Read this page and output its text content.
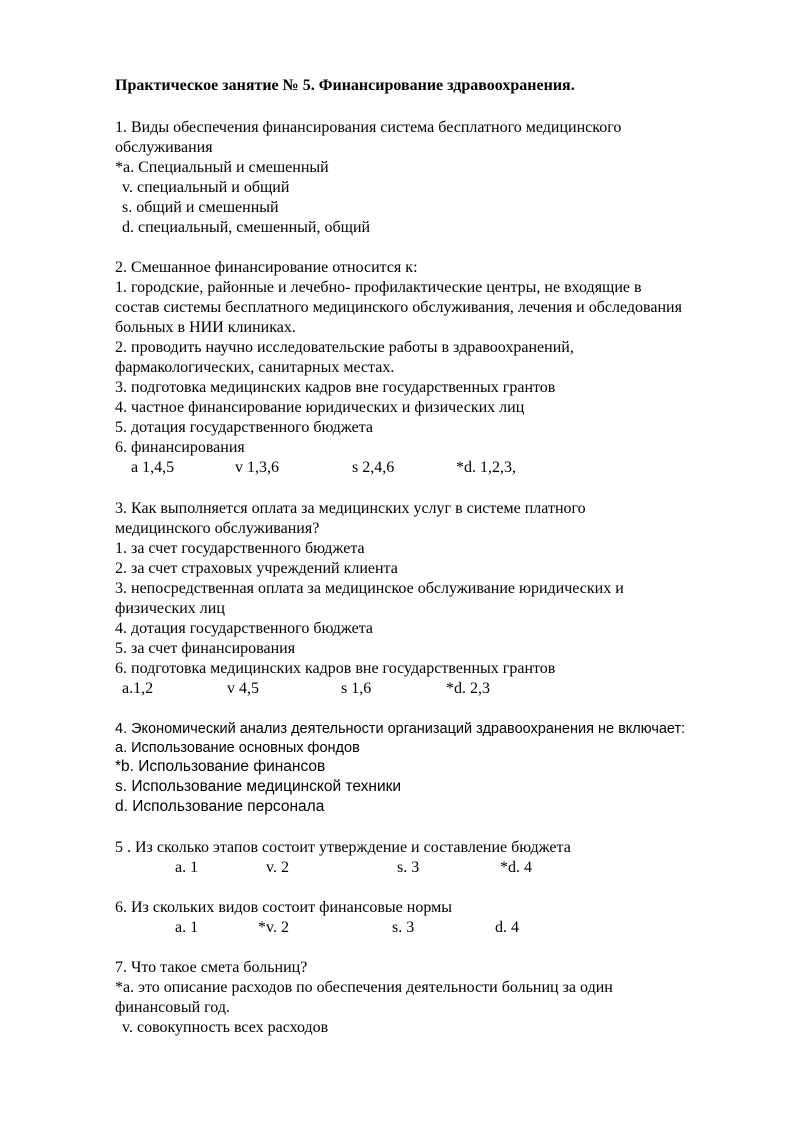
Практическое занятие № 5. Финансирование здравоохранения.
1. Виды обеспечения финансирования система бесплатного медицинского
обслуживания
*a. Специальный и смешенный
v. специальный и общий
s. общий и смешенный
d. специальный, смешенный, общий
2. Смешанное финансирование относится к:
1. городские, районные и лечебно- профилактические центры, не входящие в
состав системы бесплатного медицинского обслуживания, лечения и обследования
больных в НИИ клиниках.
2. проводить научно исследовательские работы в здравоохранений,
фармакологических, санитарных местах.
3. подготовка медицинских кадров вне государственных грантов
4. частное финансирование юридических и физических лиц
5. дотация государственного бюджета
6. финансирования
a 1,4,5	v 1,3,6	s 2,4,6	*d. 1,2,3,
3. Как выполняется оплата за медицинских услуг в системе платного
медицинского обслуживания?
1. за счет государственного бюджета
2. за счет страховых учреждений клиента
3. непосредственная оплата за медицинское обслуживание юридических и
физических лиц
4. дотация государственного бюджета
5. за счет финансирования
6. подготовка медицинских кадров вне государственных грантов
a.1,2	v 4,5	s 1,6	*d. 2,3
4. Экономический анализ деятельности организаций здравоохранения не включает:
a. Использование основных фондов
*b. Использование финансов
s. Использование медицинской техники
d. Использование персонала
5 . Из сколько этапов состоит утверждение и составление бюджета
a. 1	v. 2	s. 3	*d. 4
6. Из скольких видов состоит финансовые нормы
a. 1	*v. 2	s. 3	d. 4
7. Что такое смета больниц?
*a. это описание расходов по обеспечения деятельности больниц за один
финансовый год.
v. совокупность всех расходов
